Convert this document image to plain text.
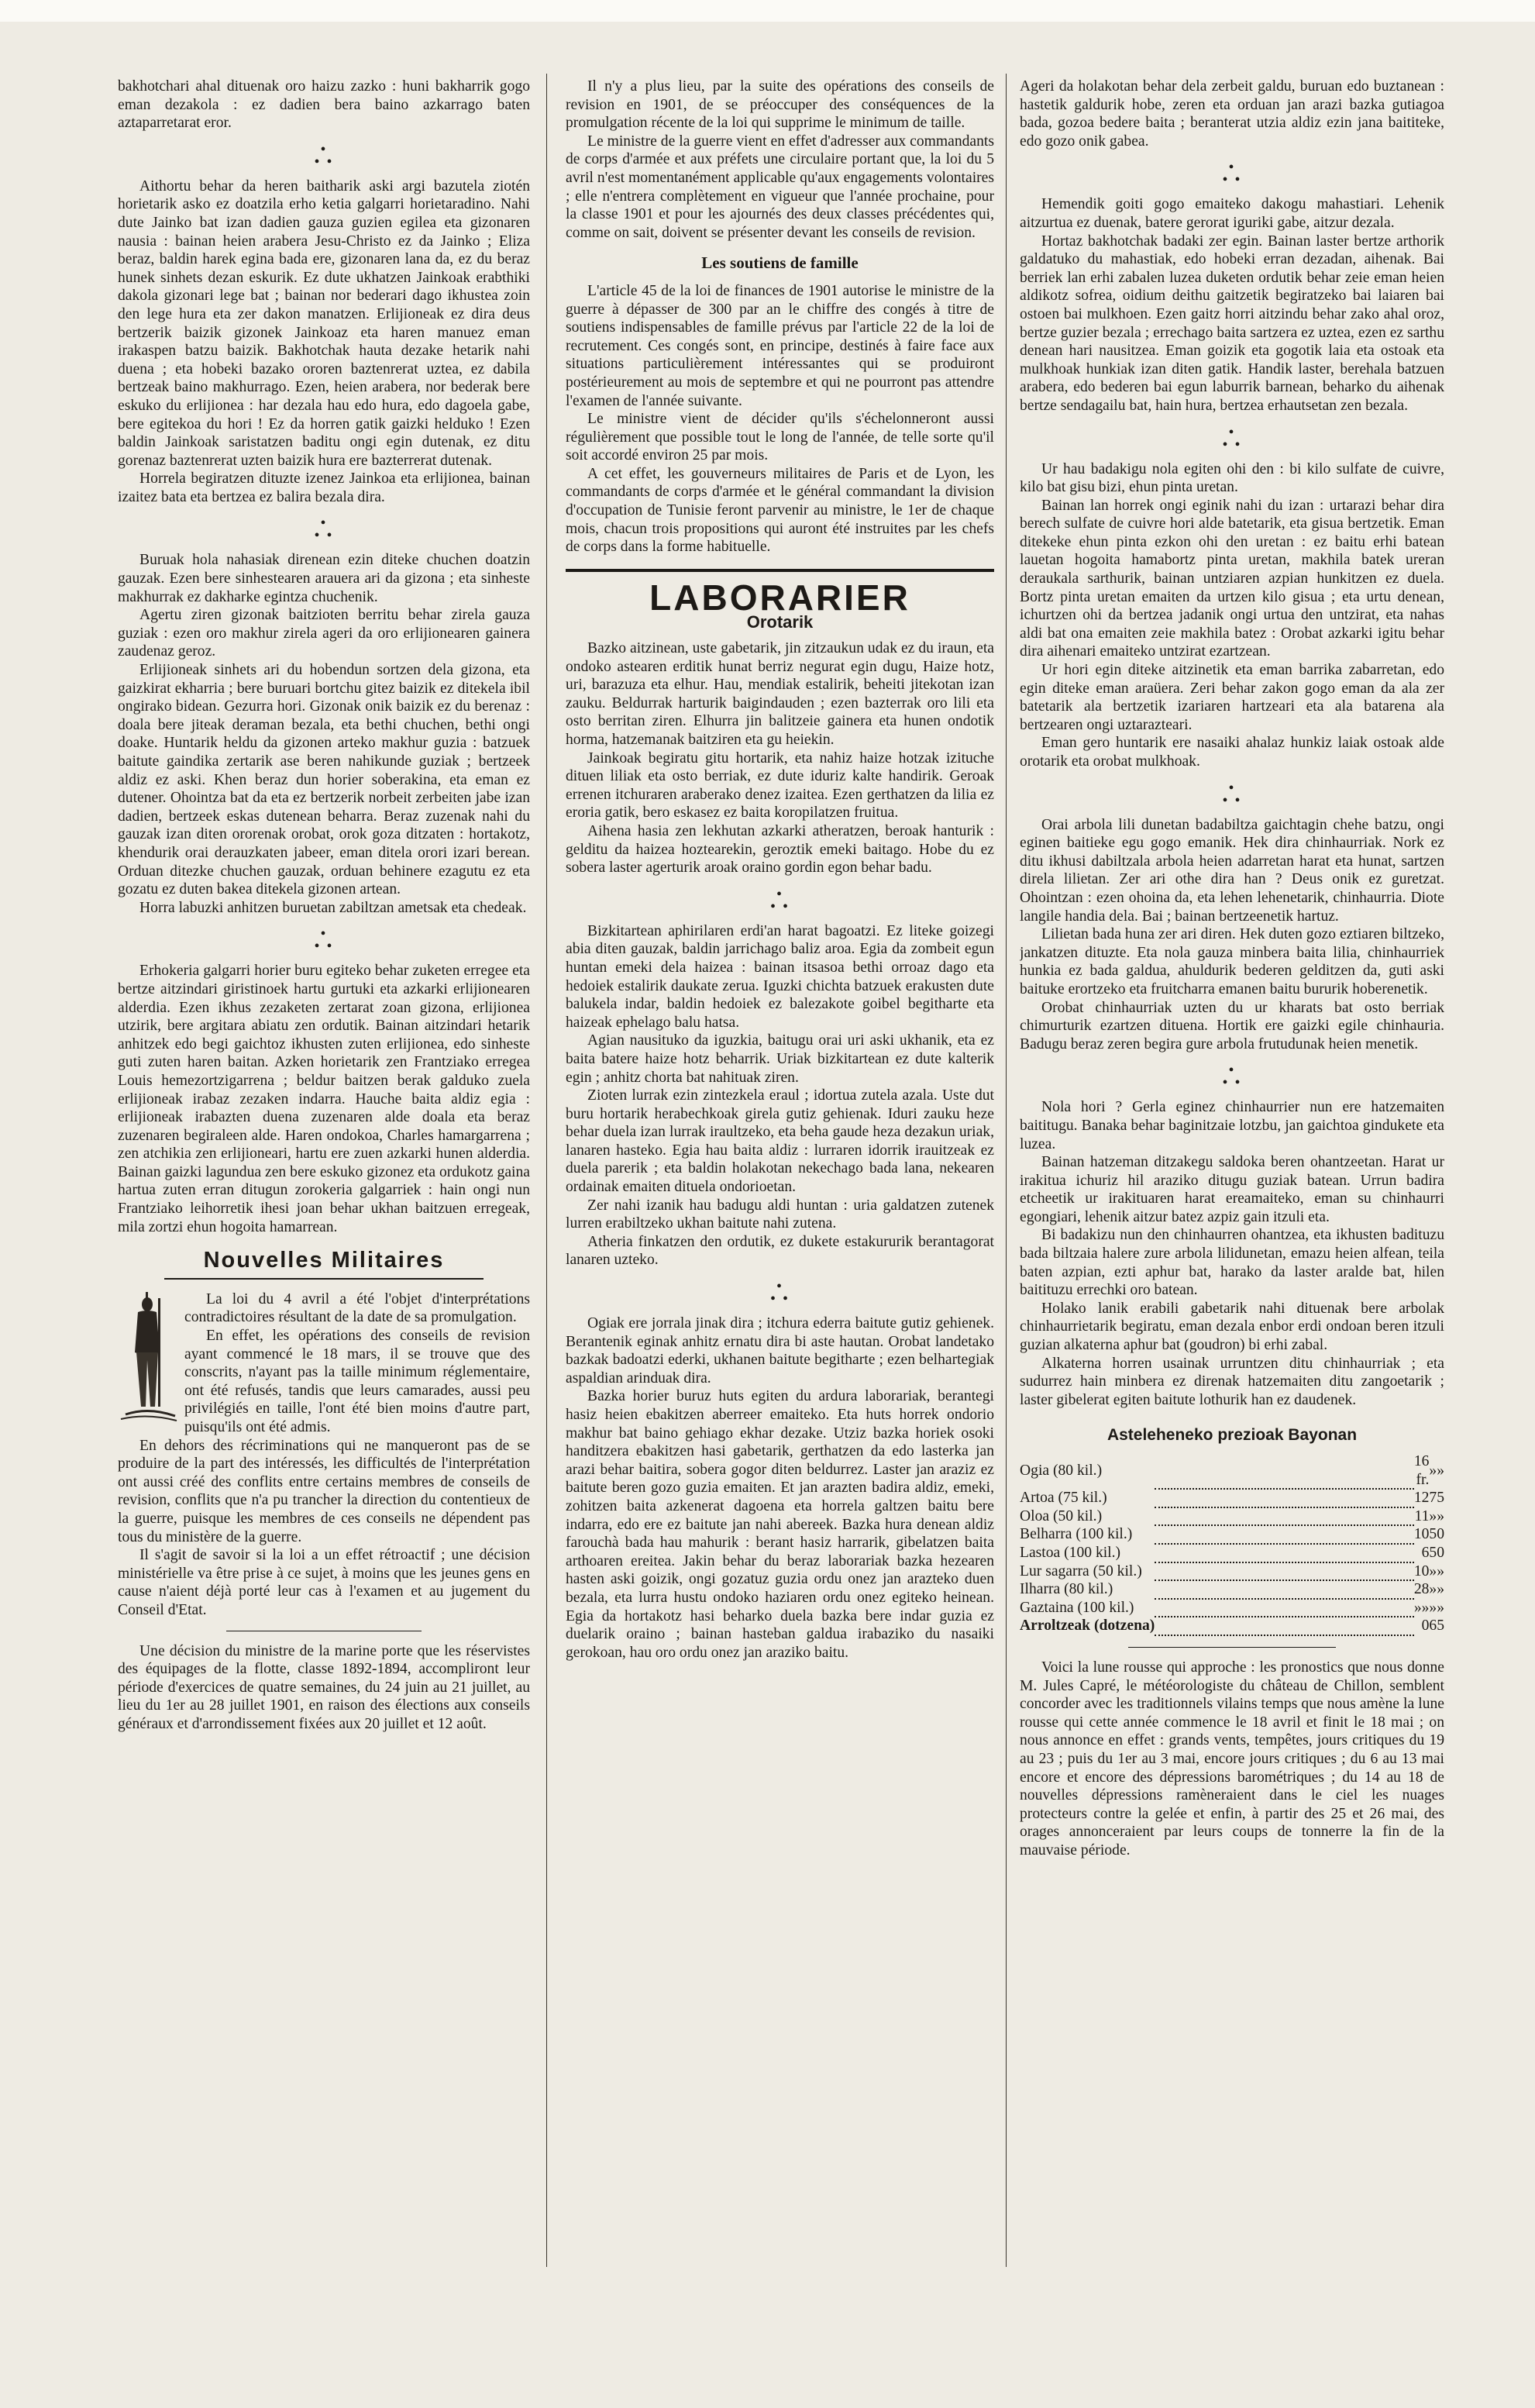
bakhotchari ahal dituenak oro haizu zazko : huni bakharrik gogo eman dezakola : ez dadien bera baino azkarrago baten aztaparretarat eror.

•
• •

Aithortu behar da heren baitharik aski argi bazutela ziotén horietarik asko ez doatzila erho ketia galgarri horietaradino. Nahi dute Jainko bat izan dadien gauza guzien egilea eta gizonaren nausia : bainan heien arabera Jesu-Christo ez da Jainko ; Eliza beraz, baldin harek egina bada ere, gizonaren lana da, ez du beraz hunek sinhets dezan eskurik. Ez dute ukhatzen Jainkoak erabthiki dakola gizonari lege bat ; bainan nor bederari dago ikhustea zoin den lege hura eta zer dakon manatzen. Erlijioneak ez dira deus bertzerik baizik gizonek Jainkoaz eta haren manuez eman irakaspen batzu baizik. Bakhotchak hauta dezake hetarik nahi duena ; eta hobeki bazako ororen baztenrerat uztea, ez dabila bertzeak baino makhurrago. Ezen, heien arabera, nor bederak bere eskuko du erlijionea : har dezala hau edo hura, edo dagoela gabe, bere egitekoa du hori ! Ez da horren gatik gaizki helduko ! Ezen baldin Jainkoak saristatzen baditu ongi egin dutenak, ez ditu gorenaz baztenrerat uzten baizik hura ere bazterrerat dutenak.

Horrela begiratzen dituzte izenez Jainkoa eta erlijionea, bainan izaitez bata eta bertzea ez balira bezala dira.

•
• •

Buruak hola nahasiak direnean ezin diteke chuchen doatzin gauzak. Ezen bere sinhestearen arauera ari da gizona ; eta sinheste makhurrak ez dakharke egintza chuchenik.

Agertu ziren gizonak baitzioten berritu behar zirela gauza guziak : ezen oro makhur zirela ageri da oro erlijionearen gainera zaudenaz geroz.

Erlijioneak sinhets ari du hobendun sortzen dela gizona, eta gaizkirat ekharria ; bere buruari bortchu gitez baizik ez ditekela ibil ongirako bidean. Gezurra hori. Gizonak onik baizik ez du berenaz : doala bere jiteak deraman bezala, eta bethi chuchen, bethi ongi doake. Huntarik heldu da gizonen arteko makhur guzia : batzuek baitute gaindika zertarik ase beren nahikunde guziak ; bertzeek aldiz ez aski. Khen beraz dun horier soberakina, eta eman ez dutener. Ohointza bat da eta ez bertzerik norbeit zerbeiten jabe izan dadien, bertzeek eskas dutenean beharra. Beraz zuzenak nahi du gauzak izan diten ororenak orobat, orok goza ditzaten : hortakotz, khendurik orai derauzkaten jabeer, eman ditela orori izari berean. Orduan ditezke chuchen gauzak, orduan behinere ezagutu ez eta gozatu ez duten bakea ditekela gizonen artean.

Horra labuzki anhitzen buruetan zabiltzan ametsak eta chedeak.

•
• •

Erhokeria galgarri horier buru egiteko behar zuketen erregee eta bertze aitzindari giristinoek hartu gurtuki eta azkarki erlijionearen alderdia. Ezen ikhus zezaketen zertarat zoan gizona, erlijionea utzirik, bere argitara abiatu zen ordutik. Bainan aitzindari hetarik anhitzek edo begi gaichtoz ikhusten zuten erlijionea, edo sinheste guti zuten haren baitan. Azken horietarik zen Frantziako erregea Louis hemezortzigarrena ; beldur baitzen berak galduko zuela erlijioneak irabaz zezaken indarra. Hauche baita aldiz egia : erlijioneak irabazten duena zuzenaren alde doala eta beraz zuzenaren begiraleen alde. Haren ondokoa, Charles hamargarrena ; zen atchikia zen erlijioneari, hartu ere zuen azkarki hunen alderdia. Bainan gaizki lagundua zen bere eskuko gizonez eta ordukotz gaina hartua zuten erran ditugun zorokeria galgarriek : hain ongi nun Frantziako leihorretik ihesi joan behar ukhan baitzuen erregeak, mila zortzi ehun hogoita hamarrean.

Nouvelles Militaires

La loi du 4 avril a été l'objet d'interprétations contradictoires résultant de la date de sa promulgation.

En effet, les opérations des conseils de revision ayant commencé le 18 mars, il se trouve que des conscrits, n'ayant pas la taille minimum réglementaire, ont été refusés, tandis que leurs camarades, aussi peu privilégiés en taille, l'ont été bien moins d'autre part, puisqu'ils ont été admis.

En dehors des récriminations qui ne manqueront pas de se produire de la part des intéressés, les difficultés de l'interprétation ont aussi créé des conflits entre certains membres de conseils de revision, conflits que n'a pu trancher la direction du contentieux de la guerre, puisque les membres de ces conseils ne dépendent pas tous du ministère de la guerre.

Il s'agit de savoir si la loi a un effet rétroactif ; une décision ministérielle va être prise à ce sujet, à moins que les jeunes gens en cause n'aient déjà porté leur cas à l'examen et au jugement du Conseil d'Etat.

Une décision du ministre de la marine porte que les réservistes des équipages de la flotte, classe 1892-1894, accompliront leur période d'exercices de quatre semaines, du 24 juin au 21 juillet, au lieu du 1er au 28 juillet 1901, en raison des élections aux conseils généraux et d'arrondissement fixées aux 20 juillet et 12 août.

Il n'y a plus lieu, par la suite des opérations des conseils de revision en 1901, de se préoccuper des conséquences de la promulgation récente de la loi qui supprime le minimum de taille.

Le ministre de la guerre vient en effet d'adresser aux commandants de corps d'armée et aux préfets une circulaire portant que, la loi du 5 avril n'est momentanément applicable qu'aux engagements volontaires ; elle n'entrera complètement en vigueur que l'année prochaine, pour la classe 1901 et pour les ajournés des deux classes précédentes qui, comme on sait, doivent se présenter devant les conseils de revision.

Les soutiens de famille

L'article 45 de la loi de finances de 1901 autorise le ministre de la guerre à dépasser de 300 par an le chiffre des congés à titre de soutiens indispensables de famille prévus par l'article 22 de la loi de recrutement. Ces congés sont, en principe, destinés à faire face aux situations particulièrement intéressantes qui se produiront postérieurement au mois de septembre et qui ne pourront pas attendre l'examen de l'année suivante.

Le ministre vient de décider qu'ils s'échelonneront aussi régulièrement que possible tout le long de l'année, de telle sorte qu'il soit accordé environ 25 par mois.

A cet effet, les gouverneurs militaires de Paris et de Lyon, les commandants de corps d'armée et le général commandant la division d'occupation de Tunisie feront parvenir au ministre, le 1er de chaque mois, chacun trois propositions qui auront été instruites par les chefs de corps dans la forme habituelle.

LABORARIER
Orotarik

Bazko aitzinean, uste gabetarik, jin zitzaukun udak ez du iraun, eta ondoko astearen erditik hunat berriz negurat egin dugu, Haize hotz, uri, barazuza eta elhur. Hau, mendiak estalirik, beheiti jitekotan izan zauku. Beldurrak harturik baigindauden ; ezen bazterrak oro lili eta osto berritan ziren. Elhurra jin balitzeie gainera eta hunen ondotik horma, hatzemanak baitziren eta gu heiekin.

Jainkoak begiratu gitu hortarik, eta nahiz haize hotzak izituche dituen liliak eta osto berriak, ez dute iduriz kalte handirik. Geroak errenen itchuraren araberako denez izaitea. Ezen gerthatzen da lilia ez eroria gatik, bero eskasez ez baita koropilatzen fruitua.

Aihena hasia zen lekhutan azkarki atheratzen, beroak hanturik : gelditu da haizea hoztearekin, geroztik emeki baitago. Hobe du ez sobera laster agerturik aroak oraino gordin egon behar badu.

•
• •

Bizkitartean aphirilaren erdi'an harat bagoatzi. Ez liteke goizegi abia diten gauzak, baldin jarrichago baliz aroa. Egia da zombeit egun huntan emeki dela haizea : bainan itsasoa bethi orroaz dago eta hedoiek estalirik daukate zerua. Iguzki chichta batzuek erakusten dute balukela indar, baldin hedoiek ez balezakote goibel begitharte eta haizeak ephelago balu hatsa.

Agian nausituko da iguzkia, baitugu orai uri aski ukhanik, eta ez baita batere haize hotz beharrik. Uriak bizkitartean ez dute kalterik egin ; anhitz chorta bat nahituak ziren.

Zioten lurrak ezin zintezkela eraul ; idortua zutela azala. Uste dut buru hortarik herabechkoak girela gutiz gehienak. Iduri zauku heze behar duela izan lurrak iraultzeko, eta beha gaude heza dezakun uriak, lanaren hasteko. Egia hau baita aldiz : lurraren idorrik irauitzeak ez duela parerik ; eta baldin holakotan nekechago bada lana, nekearen ordainak emaiten dituela ondorioetan.

Zer nahi izanik hau badugu aldi huntan : uria galdatzen zutenek lurren erabiltzeko ukhan baitute nahi zutena.

Atheria finkatzen den ordutik, ez dukete estakururik berantagorat lanaren uzteko.

•
• •

Ogiak ere jorrala jinak dira ; itchura ederra baitute gutiz gehienek. Berantenik eginak anhitz ernatu dira bi aste hautan. Orobat landetako bazkak badoatzi ederki, ukhanen baitute begitharte ; ezen belhartegiak aspaldian arinduak dira.

Bazka horier buruz huts egiten du ardura laborariak, berantegi hasiz heien ebakitzen aberreer emaiteko. Eta huts horrek ondorio makhur bat baino gehiago ekhar dezake. Utziz bazka horiek osoki handitzera ebakitzen hasi gabetarik, gerthatzen da edo lasterka jan arazi behar baitira, sobera gogor diten beldurrez. Laster jan araziz ez baitute beren gozo guzia emaiten. Et jan arazten badira aldiz, emeki, zohitzen baita azkenerat dagoena eta horrela galtzen baitu bere indarra, edo ere ez baitute jan nahi abereek. Bazka hura denean aldiz farouchà bada hau mahurik : berant hasiz harrarik, gibelatzen baita arthoaren ereitea. Jakin behar du beraz laborariak bazka hezearen hasten aski goizik, ongi gozatuz guzia ordu onez jan arazteko duen bezala, eta lurra hustu ondoko haziaren ordu onez egiteko heinean. Egia da hortakotz hasi beharko duela bazka bere indar guzia ez duelarik oraino ; bainan hasteban galdua irabaziko du nasaiki gerokoan, hau oro ordu onez jan araziko baitu.

Ageri da holakotan behar dela zerbeit galdu, buruan edo buztanean : hastetik galdurik hobe, zeren eta orduan jan arazi bazka gutiagoa bada, gozoa bedere baita ; beranterat utzia aldiz ezin jana baititeke, edo gozo onik gabea.

•
• •

Hemendik goiti gogo emaiteko dakogu mahastiari. Lehenik aitzurtua ez duenak, batere gerorat iguriki gabe, aitzur dezala.

Hortaz bakhotchak badaki zer egin. Bainan laster bertze arthorik galdatuko du mahastiak, edo hobeki erran dezadan, aihenak. Bai berriek lan erhi zabalen luzea duketen ordutik behar zeie eman heien aldikotz sofrea, oidium deithu gaitzetik begiratzeko bai laiaren bai ostoen bai mulkhoen. Ezen gaitz horri aitzindu behar zako ahal oroz, bertze guzier bezala ; errechago baita sartzera ez uztea, ezen ez sarthu denean hari nausitzea. Eman goizik eta gogotik laia eta ostoak eta mulkhoak hunkiak izan diten gatik. Handik laster, berehala batzuen arabera, edo bederen bai egun laburrik barnean, beharko du aihenak bertze sendagailu bat, hain hura, bertzea erhautsetan zen bezala.

•
• •

Ur hau badakigu nola egiten ohi den : bi kilo sulfate de cuivre, kilo bat gisu bizi, ehun pinta uretan.

Bainan lan horrek ongi eginik nahi du izan : urtarazi behar dira berech sulfate de cuivre hori alde batetarik, eta gisua bertzetik. Eman ditekeke ehun pinta ezkon ohi den uretan : ez baitu erhi batean lauetan hogoita hamabortz pinta uretan, makhila batek ureran deraukala sarthurik, bainan untziaren azpian hunkitzen ez duela. Bortz pinta uretan emaiten da urtzen kilo gisua ; eta urtu denean, ichurtzen ohi da bertzea jadanik ongi urtua den untzirat, eta nahas aldi bat ona emaiten zeie makhila batez : Orobat azkarki igitu behar dira aihenari emaiteko untzirat ezartzean.

Ur hori egin diteke aitzinetik eta eman barrika zabarretan, edo egin diteke eman araüera. Zeri behar zakon gogo eman da ala zer batetarik ala bertzetik izariaren hartzeari eta ala batarena ala bertzearen ongi uztarazteari.

Eman gero huntarik ere nasaiki ahalaz hunkiz laiak ostoak alde orotarik eta orobat mulkhoak.

•
• •

Orai arbola lili dunetan badabiltza gaichtagin chehe batzu, ongi eginen baitieke egu gogo emanik. Hek dira chinhaurriak. Nork ez ditu ikhusi dabiltzala arbola heien adarretan harat eta hunat, sartzen direla lilietan. Zer ari othe dira han ? Deus onik ez guretzat. Ohointzan : ezen ohoina da, eta lehen lehenetarik, chinhaurria. Diote langile handia dela. Bai ; bainan bertzeenetik hartuz.

Lilietan bada huna zer ari diren. Hek duten gozo eztiaren biltzeko, jankatzen dituzte. Eta nola gauza minbera baita lilia, chinhaurriek hunkia ez bada galdua, ahuldurik bederen gelditzen da, guti aski baituke erortzeko eta fruitcharra emanen baitu bururik hoberenetik.

Orobat chinhaurriak uzten du ur kharats bat osto berriak chimurturik ezartzen dituena. Hortik ere gaizki egile chinhauria. Badugu beraz zeren begira gure arbola frutudunak heien menetik.

•
• •

Nola hori ? Gerla eginez chinhaurrier nun ere hatzemaiten baititugu. Banaka behar baginitzaie lotzbu, jan gaichtoa gindukete eta luzea.

Bainan hatzeman ditzakegu saldoka beren ohantzeetan. Harat ur irakitua ichuriz hil araziko ditugu guziak batean. Urrun badira etcheetik ur irakituaren harat ereamaiteko, eman su chinhaurri egongiari, lehenik aitzur batez azpiz gain itzuli eta.

Bi badakizu nun den chinhaurren ohantzea, eta ikhusten badituzu bada biltzaia halere zure arbola lilidunetan, emazu heien alfean, teila baten azpian, ezti aphur bat, harako da laster aralde bat, hilen baitituzu errechki oro batean.

Holako lanik erabili gabetarik nahi dituenak bere arbolak chinhaurrietarik begiratu, eman dezala enbor erdi ondoan beren itzuli guzian alkaterna aphur bat (goudron) bi erhi zabal.

Alkaterna horren usainak urruntzen ditu chinhaurriak ; eta sudurrez hain minbera ez direnak hatzemaiten ditu zangoetarik ; laster gibelerat egiten baitute lothurik han ez daudenek.

Asteleheneko prezioak Bayonan
Ogia (80 kil.)		16 fr.	»»
Artoa (75 kil.)		12	75
Oloa (50 kil.)		11	»»
Belharra (100 kil.)		10	50
Lastoa (100 kil.)		6	50
Lur sagarra (50 kil.)		10	»»
Ilharra (80 kil.)		28	»»
Gaztaina (100 kil.)		»»	»»
Arroltzeak (dotzena)		0	65

Voici la lune rousse qui approche : les pronostics que nous donne M. Jules Capré, le météorologiste du château de Chillon, semblent concorder avec les traditionnels vilains temps que nous amène la lune rousse qui cette année commence le 18 avril et finit le 18 mai ; on nous annonce en effet : grands vents, tempêtes, jours critiques du 19 au 23 ; puis du 1er au 3 mai, encore jours critiques ; du 6 au 13 mai encore et encore des dépressions barométriques ; du 14 au 18 de nouvelles dépressions ramèneraient dans le ciel les nuages protecteurs contre la gelée et enfin, à partir des 25 et 26 mai, des orages annonceraient par leurs coups de tonnerre la fin de la mauvaise période.
